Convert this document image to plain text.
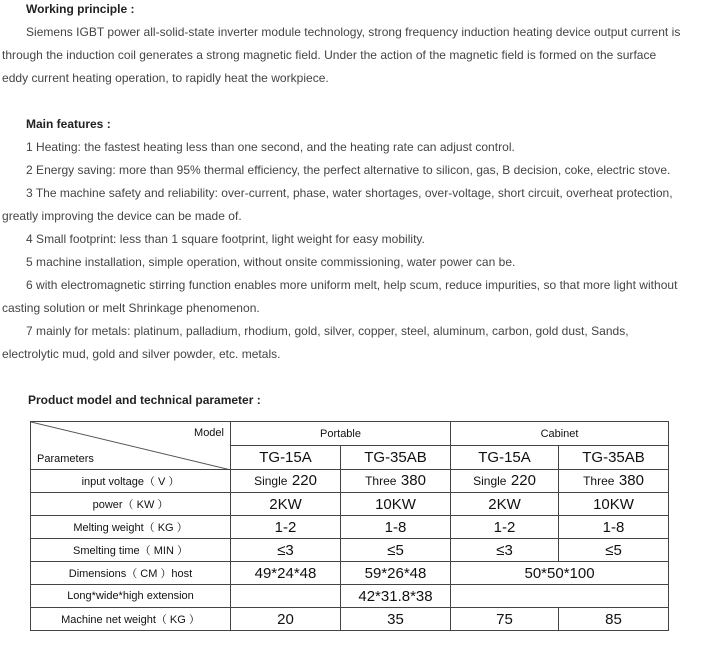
Working principle :
Siemens IGBT power all-solid-state inverter module technology, strong frequency induction heating device output current is
through the induction coil generates a strong magnetic field. Under the action of the magnetic field is formed on the surface
eddy current heating operation, to rapidly heat the workpiece.
Main features :
1 Heating: the fastest heating less than one second, and the heating rate can adjust control.
2 Energy saving: more than 95% thermal efficiency, the perfect alternative to silicon, gas, B decision, coke, electric stove.
3 The machine safety and reliability: over-current, phase, water shortages, over-voltage, short circuit, overheat protection,
greatly improving the device can be made of.
4 Small footprint: less than 1 square footprint, light weight for easy mobility.
5 machine installation, simple operation, without onsite commissioning, water power can be.
6 with electromagnetic stirring function enables more uniform melt, help scum, reduce impurities, so that more light without
casting solution or melt Shrinkage phenomenon.
7 mainly for metals: platinum, palladium, rhodium, gold, silver, copper, steel, aluminum, carbon, gold dust, Sands,
electrolytic mud, gold and silver powder, etc. metals.
Product model and technical parameter :
Model
Parameters	Portable		Cabinet	
	TG-15A	TG-35AB	TG-15A	TG-35AB
input voltage（ V ）	Single 220	Three 380	Single 220	Three 380
power（ KW ）	2KW	10KW	2KW	10KW
Melting weight（ KG ）	1-2	1-8	1-2	1-8
Smelting time（ MIN ）	≤3	≤5	≤3	≤5
Dimensions（ CM ）host	49*24*48	59*26*48	50*50*100	
Long*wide*high extension		42*31.8*38		
Machine net weight（ KG ）	20	35	75	85
